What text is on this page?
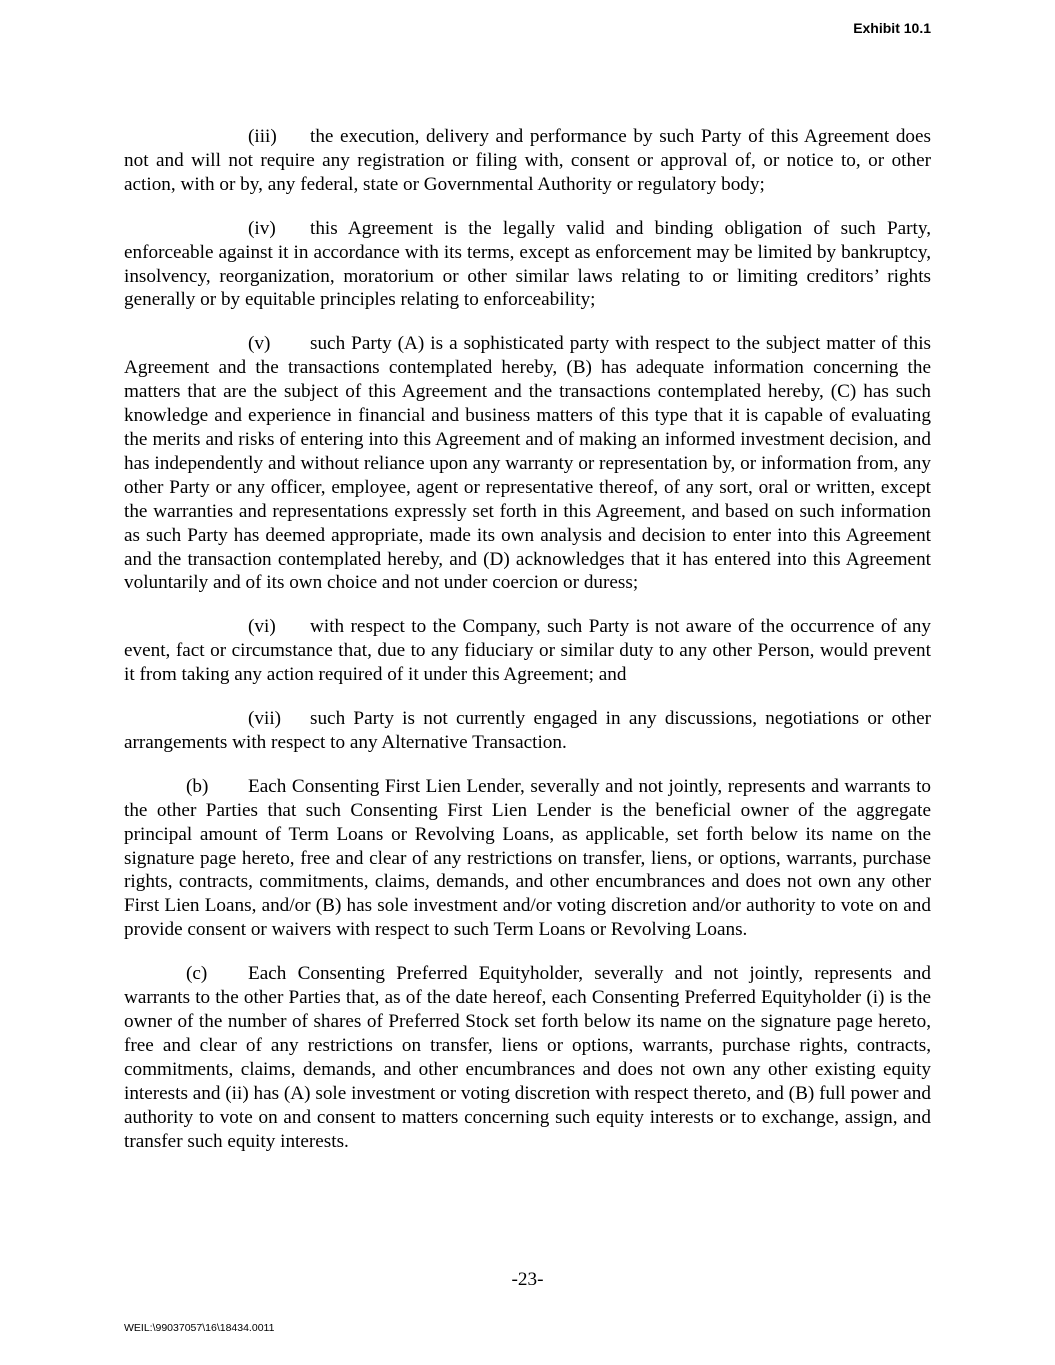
Exhibit 10.1

(iii) the execution, delivery and performance by such Party of this Agreement does not and will not require any registration or filing with, consent or approval of, or notice to, or other action, with or by, any federal, state or Governmental Authority or regulatory body;

(iv) this Agreement is the legally valid and binding obligation of such Party, enforceable against it in accordance with its terms, except as enforcement may be limited by bankruptcy, insolvency, reorganization, moratorium or other similar laws relating to or limiting creditors’ rights generally or by equitable principles relating to enforceability;

(v) such Party (A) is a sophisticated party with respect to the subject matter of this Agreement and the transactions contemplated hereby, (B) has adequate information concerning the matters that are the subject of this Agreement and the transactions contemplated hereby, (C) has such knowledge and experience in financial and business matters of this type that it is capable of evaluating the merits and risks of entering into this Agreement and of making an informed investment decision, and has independently and without reliance upon any warranty or representation by, or information from, any other Party or any officer, employee, agent or representative thereof, of any sort, oral or written, except the warranties and representations expressly set forth in this Agreement, and based on such information as such Party has deemed appropriate, made its own analysis and decision to enter into this Agreement and the transaction contemplated hereby, and (D) acknowledges that it has entered into this Agreement voluntarily and of its own choice and not under coercion or duress;

(vi) with respect to the Company, such Party is not aware of the occurrence of any event, fact or circumstance that, due to any fiduciary or similar duty to any other Person, would prevent it from taking any action required of it under this Agreement; and

(vii) such Party is not currently engaged in any discussions, negotiations or other arrangements with respect to any Alternative Transaction.

(b) Each Consenting First Lien Lender, severally and not jointly, represents and warrants to the other Parties that such Consenting First Lien Lender is the beneficial owner of the aggregate principal amount of Term Loans or Revolving Loans, as applicable, set forth below its name on the signature page hereto, free and clear of any restrictions on transfer, liens, or options, warrants, purchase rights, contracts, commitments, claims, demands, and other encumbrances and does not own any other First Lien Loans, and/or (B) has sole investment and/or voting discretion and/or authority to vote on and provide consent or waivers with respect to such Term Loans or Revolving Loans.

(c) Each Consenting Preferred Equityholder, severally and not jointly, represents and warrants to the other Parties that, as of the date hereof, each Consenting Preferred Equityholder (i) is the owner of the number of shares of Preferred Stock set forth below its name on the signature page hereto, free and clear of any restrictions on transfer, liens or options, warrants, purchase rights, contracts, commitments, claims, demands, and other encumbrances and does not own any other existing equity interests and (ii) has (A) sole investment or voting discretion with respect thereto, and (B) full power and authority to vote on and consent to matters concerning such equity interests or to exchange, assign, and transfer such equity interests.

-23-
WEIL:\99037057\16\18434.0011
